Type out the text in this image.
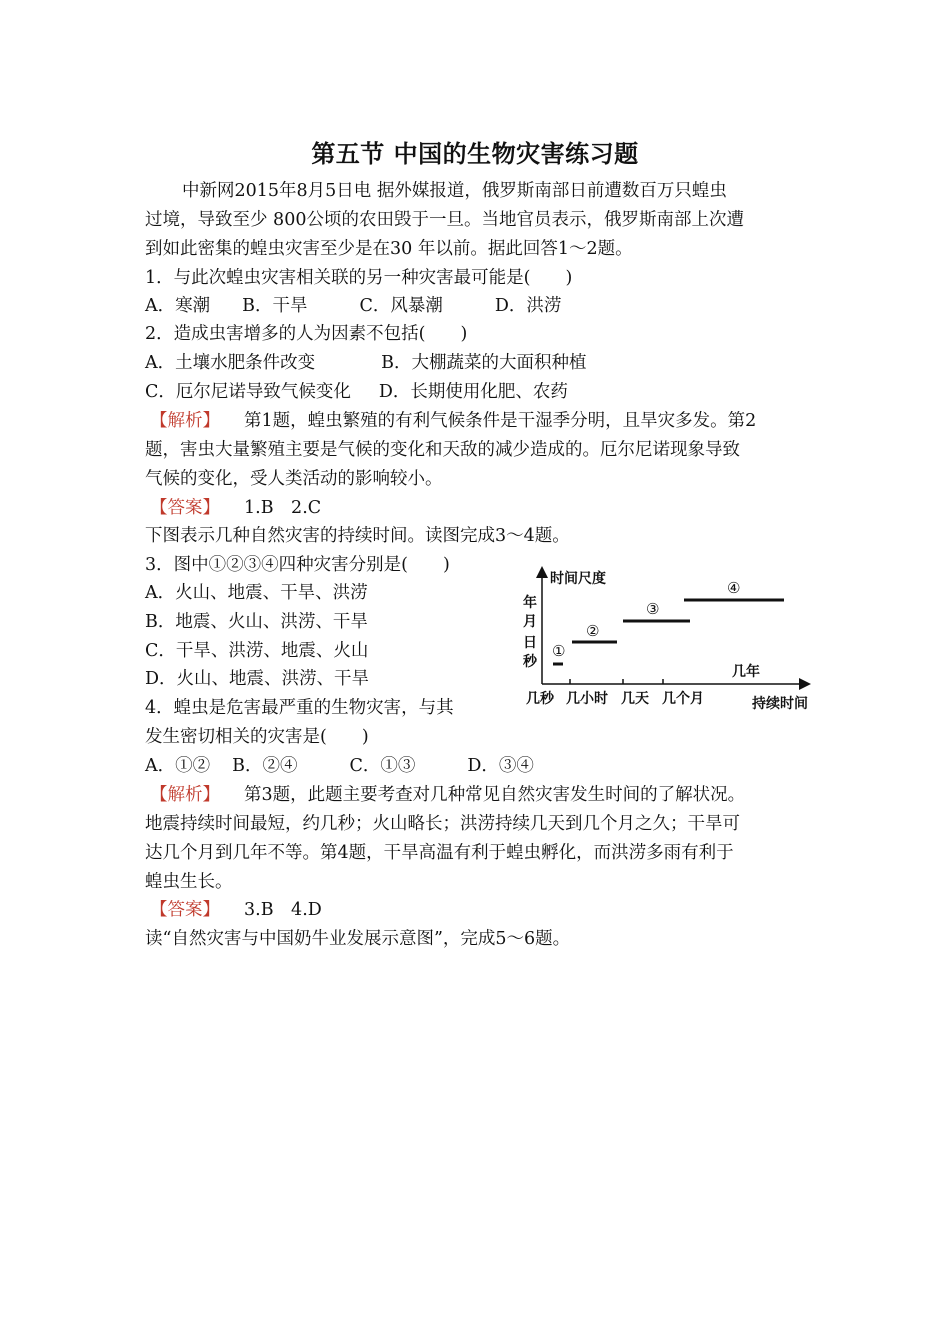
第五节 中国的生物灾害练习题
中新网2015年8月5日电 据外媒报道，俄罗斯南部日前遭数百万只蝗虫
过境，导致至少 800公顷的农田毁于一旦。当地官员表示，俄罗斯南部上次遭
到如此密集的蝗虫灾害至少是在30 年以前。据此回答1～2题。
1．与此次蝗虫灾害相关联的另一种灾害最可能是(　　)
A．寒潮 B．干旱	C．风暴潮	D．洪涝
2．造成虫害增多的人为因素不包括(　　)
A．土壤水肥条件改变	B．大棚蔬菜的大面积种植
C．厄尔尼诺导致气候变化 D．长期使用化肥、农药
【解析】 第1题，蝗虫繁殖的有利气候条件是干湿季分明，且旱灾多发。第2
题，害虫大量繁殖主要是气候的变化和天敌的减少造成的。厄尔尼诺现象导致
气候的变化，受人类活动的影响较小。
【答案】 1.B　2.C
下图表示几种自然灾害的持续时间。读图完成3～4题。
3．图中①②③④四种灾害分别是(　　)
A．火山、地震、干旱、洪涝
B．地震、火山、洪涝、干旱
C．干旱、洪涝、地震、火山
D．火山、地震、洪涝、干旱
4．蝗虫是危害最严重的生物灾害，与其
发生密切相关的灾害是(　　)
A．①② B．②④	C．①③	D．③④
【解析】 第3题，此题主要考查对几种常见自然灾害发生时间的了解状况。
地震持续时间最短，约几秒；火山略长；洪涝持续几天到几个月之久；干旱可
达几个月到几年不等。第4题，干旱高温有利于蝗虫孵化，而洪涝多雨有利于
蝗虫生长。
【答案】 3.B　4.D
读“自然灾害与中国奶牛业发展示意图”，完成5～6题。
时间尺度
年
月
日
秒
①
②
③
④
几年
几秒 几小时 几天 几个月	持续时间
